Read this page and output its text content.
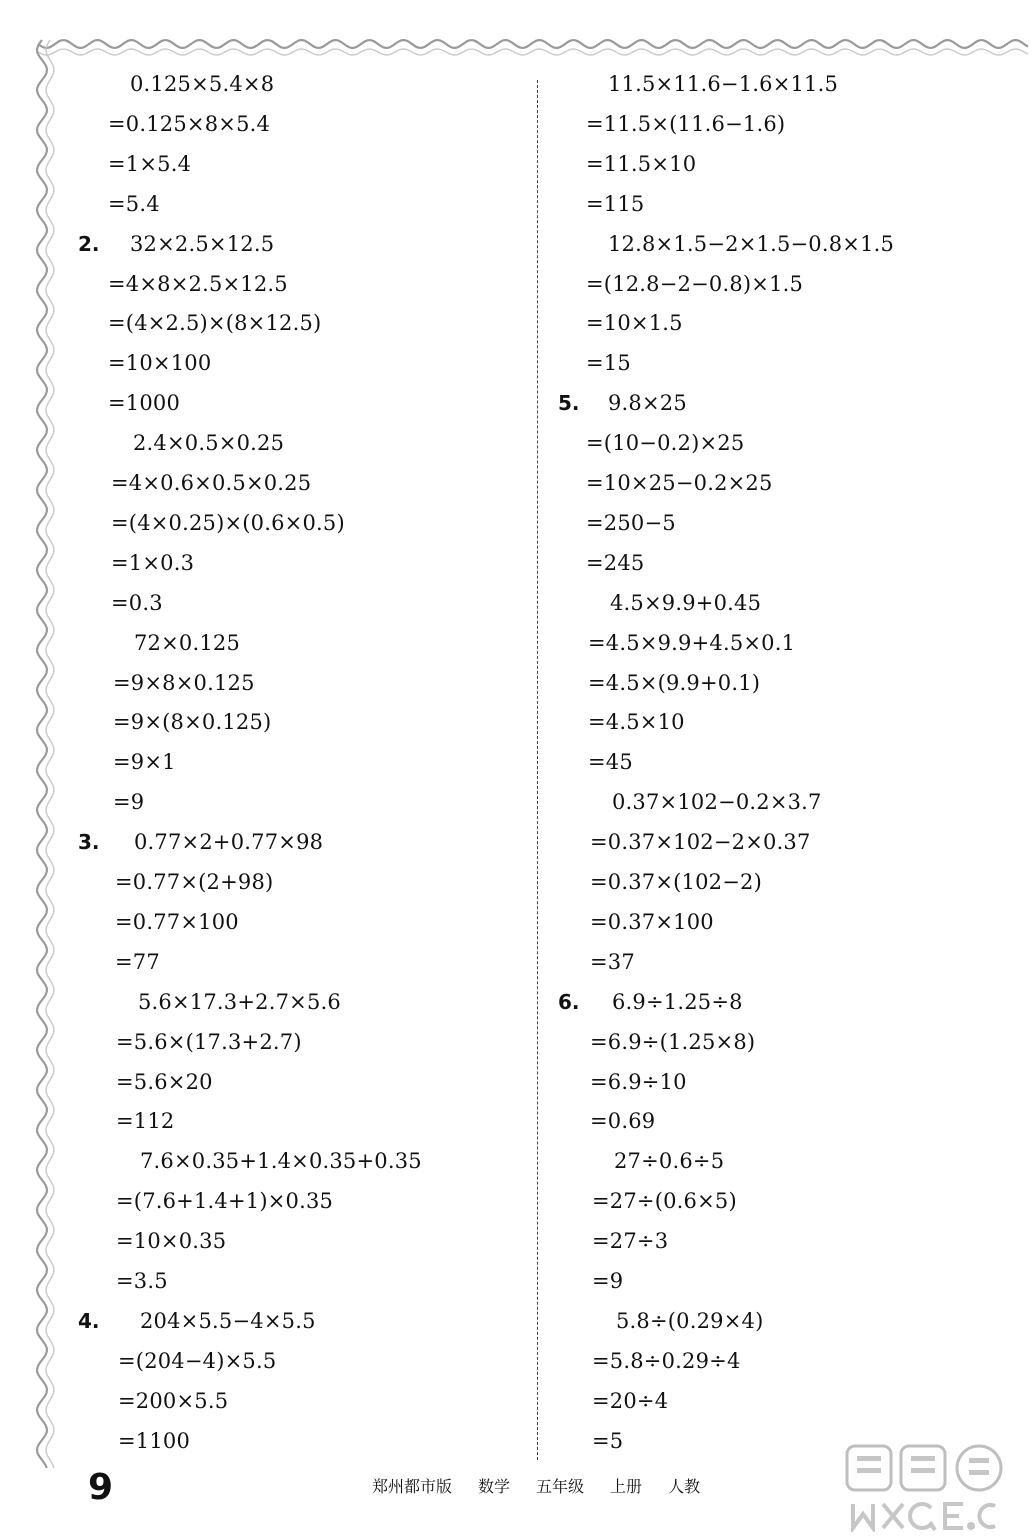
0.125×5.4×8
=0.125×8×5.4
=1×5.4
=5.4
2. 32×2.5×12.5
=4×8×2.5×12.5
=(4×2.5)×(8×12.5)
=10×100
=1000
2.4×0.5×0.25
=4×0.6×0.5×0.25
=(4×0.25)×(0.6×0.5)
=1×0.3
=0.3
72×0.125
=9×8×0.125
=9×(8×0.125)
=9×1
=9
3. 0.77×2+0.77×98
=0.77×(2+98)
=0.77×100
=77
5.6×17.3+2.7×5.6
=5.6×(17.3+2.7)
=5.6×20
=112
7.6×0.35+1.4×0.35+0.35
=(7.6+1.4+1)×0.35
=10×0.35
=3.5
4. 204×5.5−4×5.5
=(204−4)×5.5
=200×5.5
=1100
11.5×11.6−1.6×11.5
=11.5×(11.6−1.6)
=11.5×10
=115
12.8×1.5−2×1.5−0.8×1.5
=(12.8−2−0.8)×1.5
=10×1.5
=15
5. 9.8×25
=(10−0.2)×25
=10×25−0.2×25
=250−5
=245
4.5×9.9+0.45
=4.5×9.9+4.5×0.1
=4.5×(9.9+0.1)
=4.5×10
=45
0.37×102−0.2×3.7
=0.37×102−2×0.37
=0.37×(102−2)
=0.37×100
=37
6. 6.9÷1.25÷8
=6.9÷(1.25×8)
=6.9÷10
=0.69
27÷0.6÷5
=27÷(0.6×5)
=27÷3
=9
5.8÷(0.29×4)
=5.8÷0.29÷4
=20÷4
=5
9	郑州都市版 数学 五年级 上册 人教
